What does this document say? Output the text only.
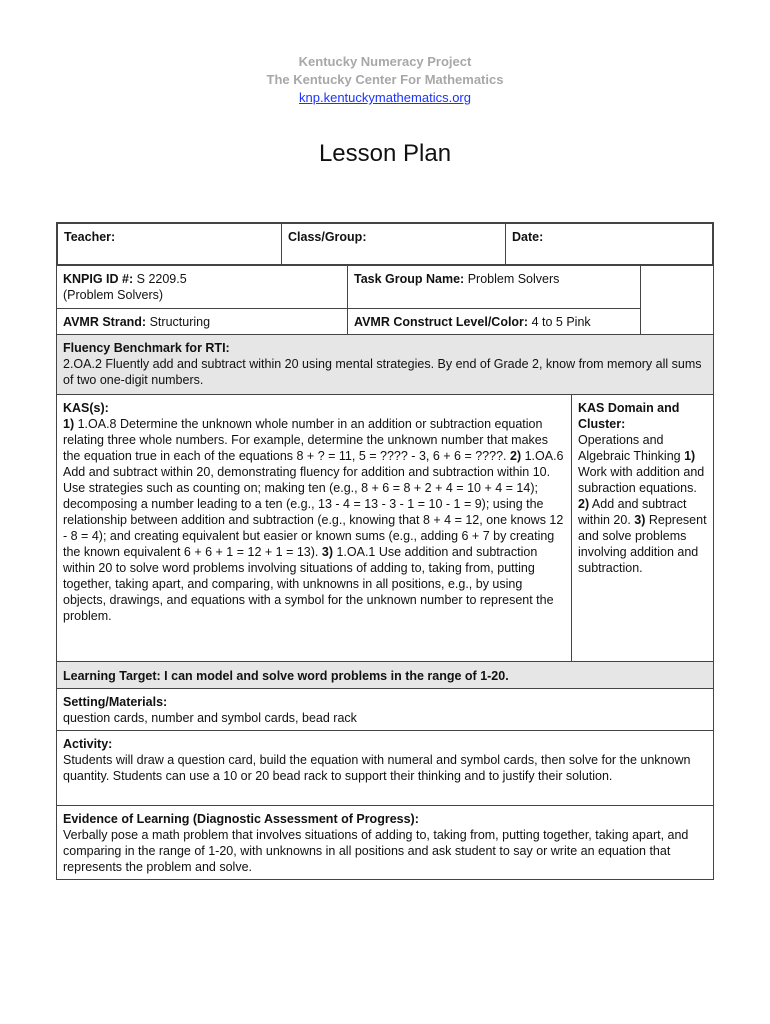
Kentucky Numeracy Project
The Kentucky Center For Mathematics
knp.kentuckymathematics.org
Lesson Plan
Teacher:	Class/Group:	Date:
KNPIG ID #: S 2209.5
(Problem Solvers)
Task Group Name: Problem Solvers
AVMR Strand: Structuring	AVMR Construct Level/Color: 4 to 5 Pink
Fluency Benchmark for RTI:
2.OA.2 Fluently add and subtract within 20 using mental strategies. By end of Grade 2, know from memory all sums of two one-digit numbers.
KAS(s):
1) 1.OA.8 Determine the unknown whole number in an addition or subtraction equation relating three whole numbers. For example, determine the unknown number that makes the equation true in each of the equations 8 + ? = 11, 5 = ???? - 3, 6 + 6 = ????. 2) 1.OA.6 Add and subtract within 20, demonstrating fluency for addition and subtraction within 10. Use strategies such as counting on; making ten (e.g., 8 + 6 = 8 + 2 + 4 = 10 + 4 = 14); decomposing a number leading to a ten (e.g., 13 - 4 = 13 - 3 - 1 = 10 - 1 = 9); using the relationship between addition and subtraction (e.g., knowing that 8 + 4 = 12, one knows 12 - 8 = 4); and creating equivalent but easier or known sums (e.g., adding 6 + 7 by creating the known equivalent 6 + 6 + 1 = 12 + 1 = 13). 3) 1.OA.1 Use addition and subtraction within 20 to solve word problems involving situations of adding to, taking from, putting together, taking apart, and comparing, with unknowns in all positions, e.g., by using objects, drawings, and equations with a symbol for the unknown number to represent the problem.
KAS Domain and Cluster:
Operations and Algebraic Thinking 1) Work with addition and subraction equations. 2) Add and subtract within 20. 3) Represent and solve problems involving addition and subtraction.
Learning Target: I can model and solve word problems in the range of 1-20.
Setting/Materials:
question cards, number and symbol cards, bead rack
Activity:
Students will draw a question card, build the equation with numeral and symbol cards, then solve for the unknown quantity. Students can use a 10 or 20 bead rack to support their thinking and to justify their solution.
Evidence of Learning (Diagnostic Assessment of Progress):
Verbally pose a math problem that involves situations of adding to, taking from, putting together, taking apart, and comparing in the range of 1-20, with unknowns in all positions and ask student to say or write an equation that represents the problem and solve.
